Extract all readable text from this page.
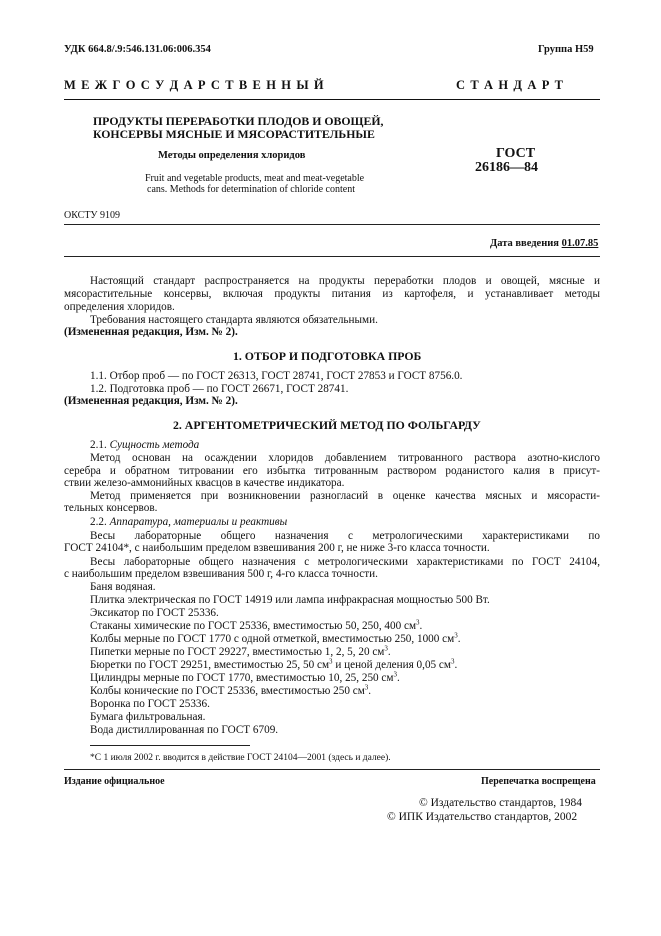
УДК 664.8/.9:546.131.06:006.354	Группа Н59
М Е Ж Г О С У Д А Р С Т В Е Н Н Ы Й	С Т А Н Д А Р Т
ПРОДУКТЫ ПЕРЕРАБОТКИ ПЛОДОВ И ОВОЩЕЙ,
КОНСЕРВЫ МЯСНЫЕ И МЯСОРАСТИТЕЛЬНЫЕ
Методы определения хлоридов
Fruit and vegetable products, meat and meat-vegetable
cans. Methods for determination of chloride content
ГОСТ
26186—84
ОКСТУ 9109
Дата введения 01.07.85
Настоящий стандарт распространяется на продукты переработки плодов и овощей, мясные и
мясорастительные консервы, включая продукты питания из картофеля, и устанавливает методы
определения хлоридов.
Требования настоящего стандарта являются обязательными.
(Измененная редакция, Изм. № 2).
1. ОТБОР И ПОДГОТОВКА ПРОБ
1.1. Отбор проб — по ГОСТ 26313, ГОСТ 28741, ГОСТ 27853 и ГОСТ 8756.0.
1.2. Подготовка проб — по ГОСТ 26671, ГОСТ 28741.
(Измененная редакция, Изм. № 2).
2. АРГЕНТОМЕТРИЧЕСКИЙ МЕТОД ПО ФОЛЬГАРДУ
2.1. Сущность метода
Метод основан на осаждении хлоридов добавлением титрованного раствора азотно-кислого
серебра и обратном титровании его избытка титрованным раствором роданистого калия в присут-
ствии железо-аммонийных квасцов в качестве индикатора.
Метод применяется при возникновении разногласий в оценке качества мясных и мясорасти-
тельных консервов.
2.2. Аппаратура, материалы и реактивы
Весы лабораторные общего назначения с метрологическими характеристиками по
ГОСТ 24104*, с наибольшим пределом взвешивания 200 г, не ниже 3-го класса точности.
Весы лабораторные общего назначения с метрологическими характеристиками по ГОСТ 24104,
с наибольшим пределом взвешивания 500 г, 4-го класса точности.
Баня водяная.
Плитка электрическая по ГОСТ 14919 или лампа инфракрасная мощностью 500 Вт.
Эксикатор по ГОСТ 25336.
Стаканы химические по ГОСТ 25336, вместимостью 50, 250, 400 $см^3$.
Колбы мерные по ГОСТ 1770 с одной отметкой, вместимостью 250, 1000 $см^3$.
Пипетки мерные по ГОСТ 29227, вместимостью 1, 2, 5, 20 $см^3$.
Бюретки по ГОСТ 29251, вместимостью 25, 50 $см^3$ и ценой деления 0,05 $см^3$.
Цилиндры мерные по ГОСТ 1770, вместимостью 10, 25, 250 $см^3$.
Колбы конические по ГОСТ 25336, вместимостью 250 $см^3$.
Воронка по ГОСТ 25336.
Бумага фильтровальная.
Вода дистиллированная по ГОСТ 6709.
*С 1 июля 2002 г. вводится в действие ГОСТ 24104—2001 (здесь и далее).
Издание официальное	Перепечатка воспрещена
© Издательство стандартов, 1984
© ИПК Издательство стандартов, 2002
